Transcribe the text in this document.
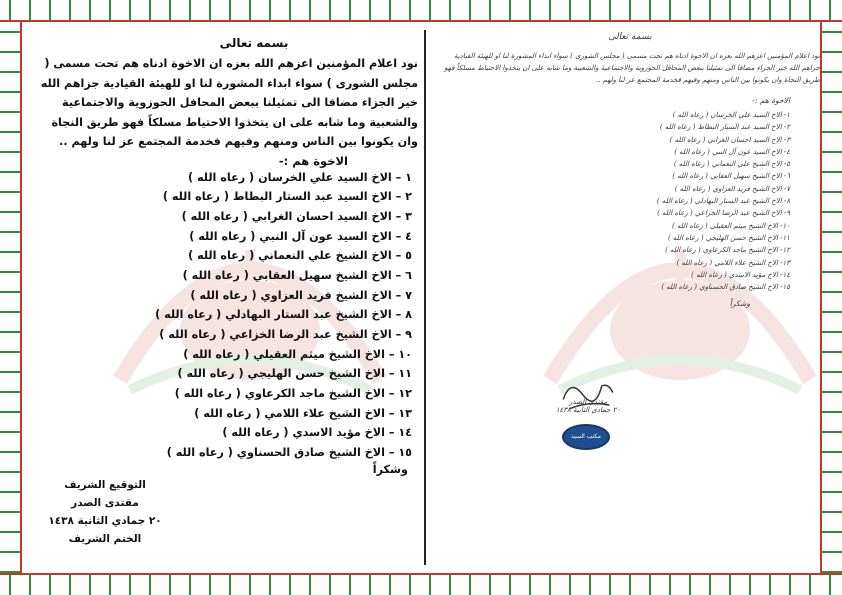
بسمه تعالى
نود اعلام المؤمنين اعزهم الله بعزه ان الاخوة ادناه هم تحت مسمى ( مجلس الشورى ) سواء ابداء المشورة لنا او للهيئة القيادية جزاهم الله خير الجزاء مضافا الى تمثيلنا ببعض المحافل الحوزوية والاجتماعية والشعبية وما شابه على ان يتخذوا الاحتياط مسلكاً فهو طريق النجاة وان يكونوا بين الناس ومنهم وفيهم فخدمة المجتمع عز لنا ولهم ..
الاخوة هم :-
١ – الاخ السيد علي الخرسان ( رعاه الله )
٢ – الاخ السيد عبد الستار البطاط ( رعاه الله )
٣ – الاخ السيد احسان الغرابي ( رعاه الله )
٤ – الاخ السيد عون آل النبي ( رعاه الله )
٥ – الاخ الشيخ علي النعماني ( رعاه الله )
٦ – الاخ الشيخ سهيل العقابي ( رعاه الله )
٧ – الاخ الشيخ فريد العزاوي ( رعاه الله )
٨ – الاخ الشيخ عبد الستار البهادلي ( رعاه الله )
٩ – الاخ الشيخ عبد الرضا الخزاعي ( رعاه الله )
١٠ – الاخ الشيخ ميثم العقيلي ( رعاه الله )
١١ – الاخ الشيخ حسن الهليجي ( رعاه الله )
١٢ – الاخ الشيخ ماجد الكرعاوي ( رعاه الله )
١٣ – الاخ الشيخ علاء اللامي ( رعاه الله )
١٤ – الاخ مؤيد الاسدي ( رعاه الله )
١٥ – الاخ الشيخ صادق الحسناوي ( رعاه الله )
وشكراً
التوقيع الشريف
مقتدى الصدر
٢٠ جمادي الثانية ١٤٣٨
الختم الشريف
بسمه تعالى
نود اعلام المؤمنين اعزهم الله بعزه ان الاخوة ادناه هم تحت مسمى ( مجلس الشورى ) سواء ابداء المشورة لنا او للهيئة القيادية جزاهم الله خير الجزاء مضافا الى تمثيلنا ببعض المحافل الحوزوية والاجتماعية والشعبية وما شابه على ان يتخذوا الاحتياط مسلكاً فهو طريق النجاة وان يكونوا بين الناس ومنهم وفيهم فخدمة المجتمع عز لنا ولهم ..
الاخوة هم :-
١- الاخ السيد علي الخرسان ( رعاه الله )
٢- الاخ السيد عبد الستار البطاط ( رعاه الله )
٣- الاخ السيد احسان الغرابي ( رعاه الله )
٤- الاخ السيد عون آل النبي ( رعاه الله )
٥- الاخ الشيخ علي النعماني ( رعاه الله )
٦- الاخ الشيخ سهيل العقابي ( رعاه الله )
٧- الاخ الشيخ فريد العزاوي ( رعاه الله )
٨- الاخ الشيخ عبد الستار البهادلي ( رعاه الله )
٩- الاخ الشيخ عبد الرضا الخزاعي ( رعاه الله )
١٠- الاخ الشيخ ميثم العقيلي ( رعاه الله )
١١- الاخ الشيخ حسن الهليجي ( رعاه الله )
١٢- الاخ الشيخ ماجد الكرعاوي ( رعاه الله )
١٣- الاخ الشيخ علاء اللامي ( رعاه الله )
١٤- الاخ مؤيد الاسدي ( رعاه الله )
١٥- الاخ الشيخ صادق الحسناوي ( رعاه الله )
وشكراً
مقتدى الصدر
٢٠ جمادي الثانية ١٤٣٨
مكتب السيد الشهيد
